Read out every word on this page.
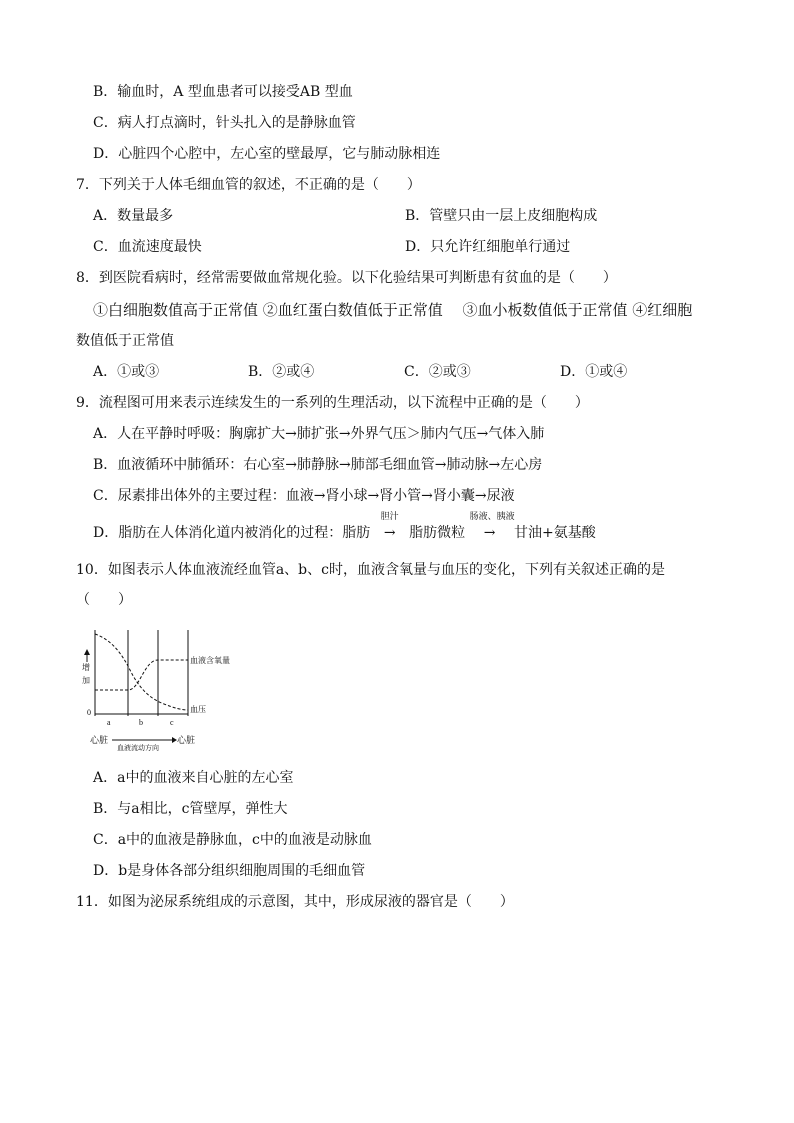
B．输血时，A 型血患者可以接受AB 型血
C．病人打点滴时，针头扎入的是静脉血管
D．心脏四个心腔中，左心室的壁最厚，它与肺动脉相连
7．下列关于人体毛细血管的叙述，不正确的是（　　）
A．数量最多	B．管壁只由一层上皮细胞构成
C．血流速度最快	D．只允许红细胞单行通过
8．到医院看病时，经常需要做血常规化验。以下化验结果可判断患有贫血的是（　　）
①白细胞数值高于正常值 ②血红蛋白数值低于正常值　 ③血小板数值低于正常值 ④红细胞
数值低于正常值
A．①或③	B．②或④	C．②或③	D．①或④
9．流程图可用来表示连续发生的一系列的生理活动，以下流程中正确的是（　　）
A．人在平静时呼吸：胸廓扩大→肺扩张→外界气压＞肺内气压→气体入肺
B．血液循环中肺循环：右心室→肺静脉→肺部毛细血管→肺动脉→左心房
C．尿素排出体外的主要过程：血液→肾小球→肾小管→肾小囊→尿液
D．脂肪在人体消化道内被消化的过程：脂肪
胆汁
→ 脂肪微粒
肠液、胰液
→ 甘油+氨基酸
10．如图表示人体血液流经血管a、b、c时，血液含氧量与血压的变化，下列有关叙述正确的是
（　　）
增
加
0
血液含氧量
血压
a	b	c
心脏	心脏
血液流动方向
A．a中的血液来自心脏的左心室
B．与a相比，c管壁厚，弹性大
C．a中的血液是静脉血，c中的血液是动脉血
D．b是身体各部分组织细胞周围的毛细血管
11．如图为泌尿系统组成的示意图，其中，形成尿液的器官是（　　）
